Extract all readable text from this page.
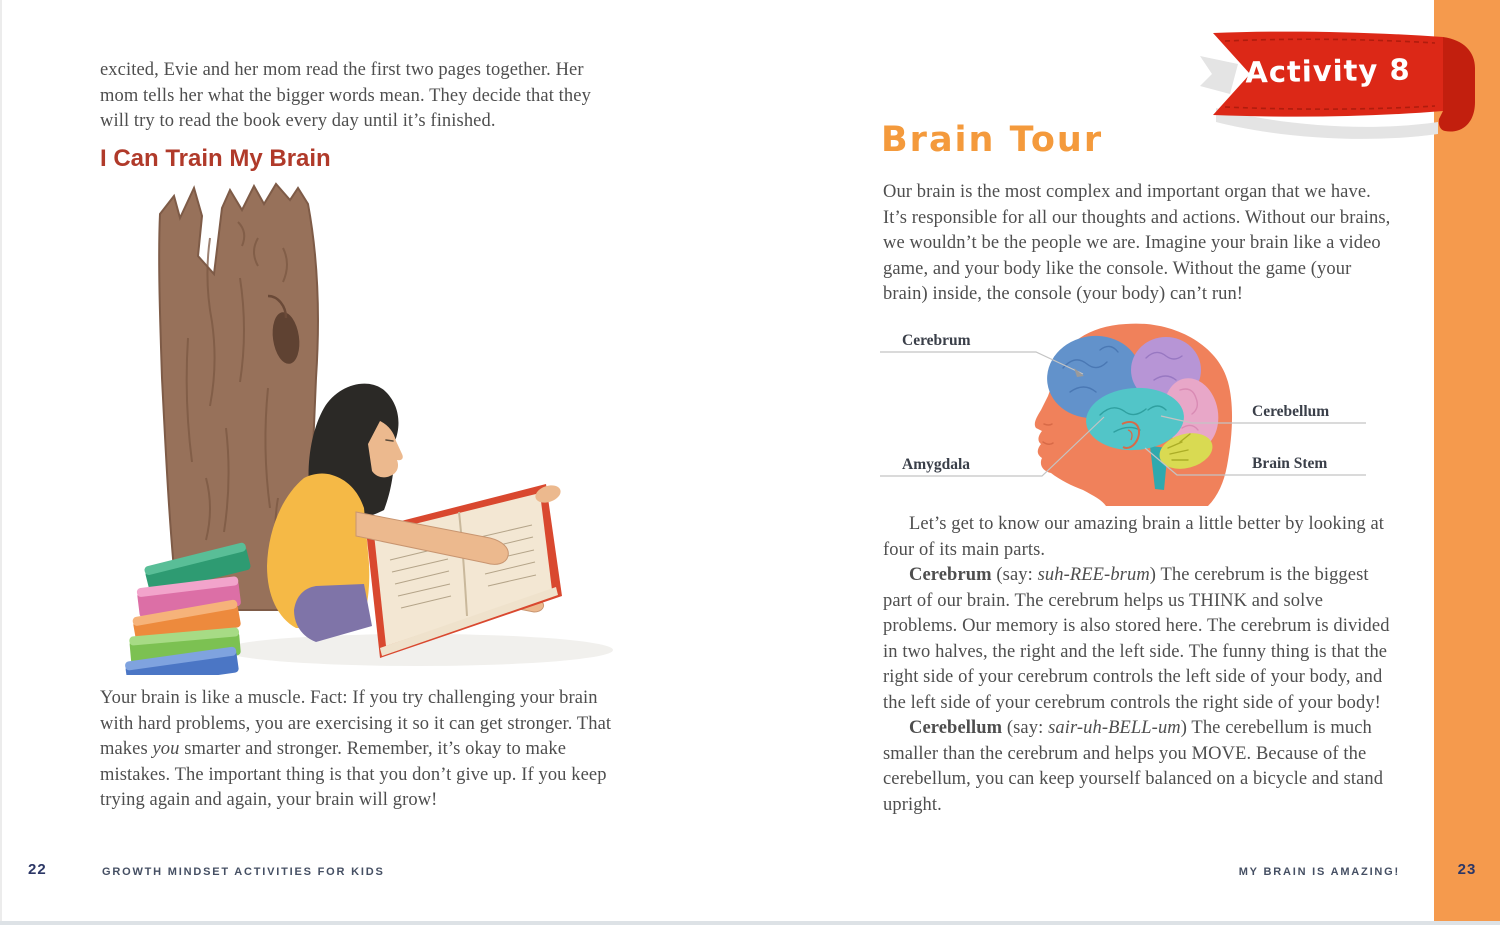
excited, Evie and her mom read the first two pages together. Her mom tells her what the bigger words mean. They decide that they will try to read the book every day until it’s finished.

I Can Train My Brain

Your brain is like a muscle. Fact: If you try challenging your brain with hard problems, you are exercising it so it can get stronger. That makes you smarter and stronger. Remember, it’s okay to make mistakes. The important thing is that you don’t give up. If you keep trying again and again, your brain will grow!

22	GROWTH MINDSET ACTIVITIES FOR KIDS
Activity 8
Brain Tour

Our brain is the most complex and important organ that we have. It’s responsible for all our thoughts and actions. Without our brains, we wouldn’t be the people we are. Imagine your brain like a video game, and your body like the console. Without the game (your brain) inside, the console (your body) can’t run!

Cerebrum
Amygdala
Cerebellum
Brain Stem

Let’s get to know our amazing brain a little better by looking at four of its main parts.

Cerebrum (say: suh-REE-brum) The cerebrum is the biggest part of our brain. The cerebrum helps us THINK and solve problems. Our memory is also stored here. The cerebrum is divided in two halves, the right and the left side. The funny thing is that the right side of your cerebrum controls the left side of your body, and the left side of your cerebrum controls the right side of your body!

Cerebellum (say: sair-uh-BELL-um) The cerebellum is much smaller than the cerebrum and helps you MOVE. Because of the cerebellum, you can keep yourself balanced on a bicycle and stand upright.

MY BRAIN IS AMAZING!	23
